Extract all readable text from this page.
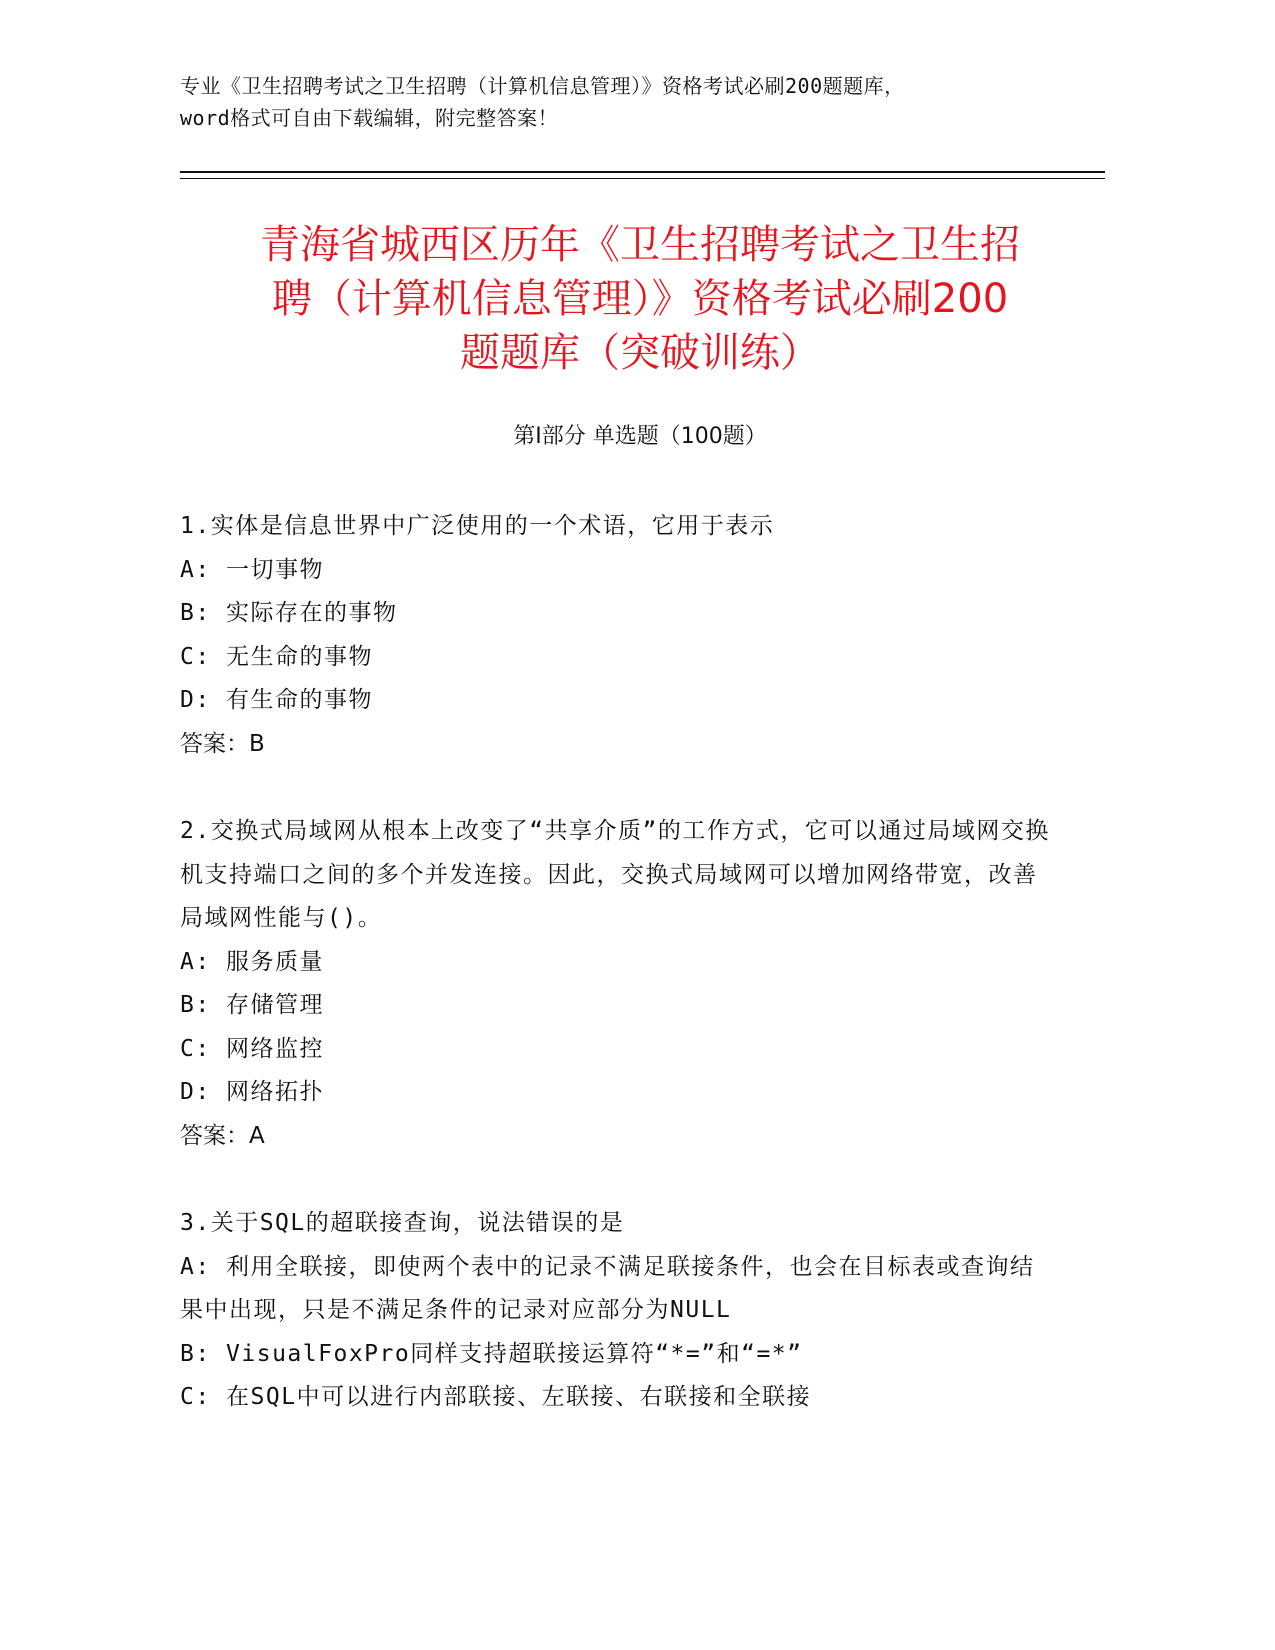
专业《卫生招聘考试之卫生招聘（计算机信息管理）》资格考试必刷200题题库，
word格式可自由下载编辑，附完整答案！
青海省城西区历年《卫生招聘考试之卫生招
聘（计算机信息管理）》资格考试必刷200
题题库（突破训练）
第Ⅰ部分 单选题（100题）
1.实体是信息世界中广泛使用的一个术语，它用于表示
A: 一切事物
B: 实际存在的事物
C: 无生命的事物
D: 有生命的事物
答案：B
2.交换式局域网从根本上改变了“共享介质”的工作方式，它可以通过局域网交换机支持端口之间的多个并发连接。因此，交换式局域网可以增加网络带宽，改善局域网性能与()。
A: 服务质量
B: 存储管理
C: 网络监控
D: 网络拓扑
答案：A
3.关于SQL的超联接查询，说法错误的是
A: 利用全联接，即使两个表中的记录不满足联接条件，也会在目标表或查询结果中出现，只是不满足条件的记录对应部分为NULL
B: VisualFoxPro同样支持超联接运算符“*=”和“=*”
C: 在SQL中可以进行内部联接、左联接、右联接和全联接
